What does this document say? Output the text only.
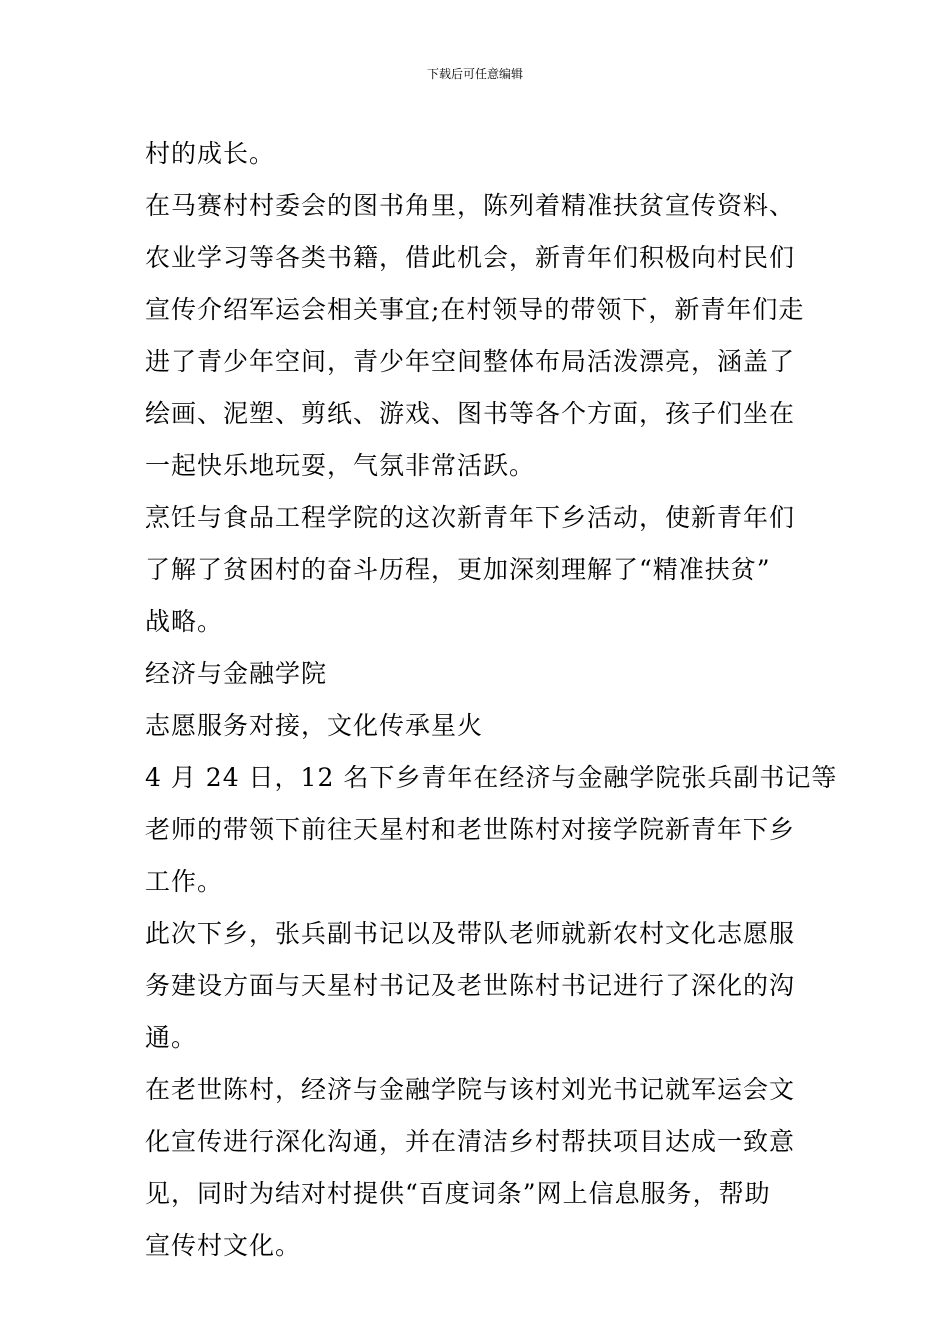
下载后可任意编辑
村的成长。
在马赛村村委会的图书角里，陈列着精准扶贫宣传资料、
农业学习等各类书籍，借此机会，新青年们积极向村民们
宣传介绍军运会相关事宜;在村领导的带领下，新青年们走
进了青少年空间，青少年空间整体布局活泼漂亮，涵盖了
绘画、泥塑、剪纸、游戏、图书等各个方面，孩子们坐在
一起快乐地玩耍，气氛非常活跃。
烹饪与食品工程学院的这次新青年下乡活动，使新青年们
了解了贫困村的奋斗历程，更加深刻理解了“精准扶贫”
战略。
经济与金融学院
志愿服务对接，文化传承星火
4 月 24 日，12 名下乡青年在经济与金融学院张兵副书记等
老师的带领下前往天星村和老世陈村对接学院新青年下乡
工作。
此次下乡，张兵副书记以及带队老师就新农村文化志愿服
务建设方面与天星村书记及老世陈村书记进行了深化的沟
通。
在老世陈村，经济与金融学院与该村刘光书记就军运会文
化宣传进行深化沟通，并在清洁乡村帮扶项目达成一致意
见，同时为结对村提供“百度词条”网上信息服务，帮助
宣传村文化。
